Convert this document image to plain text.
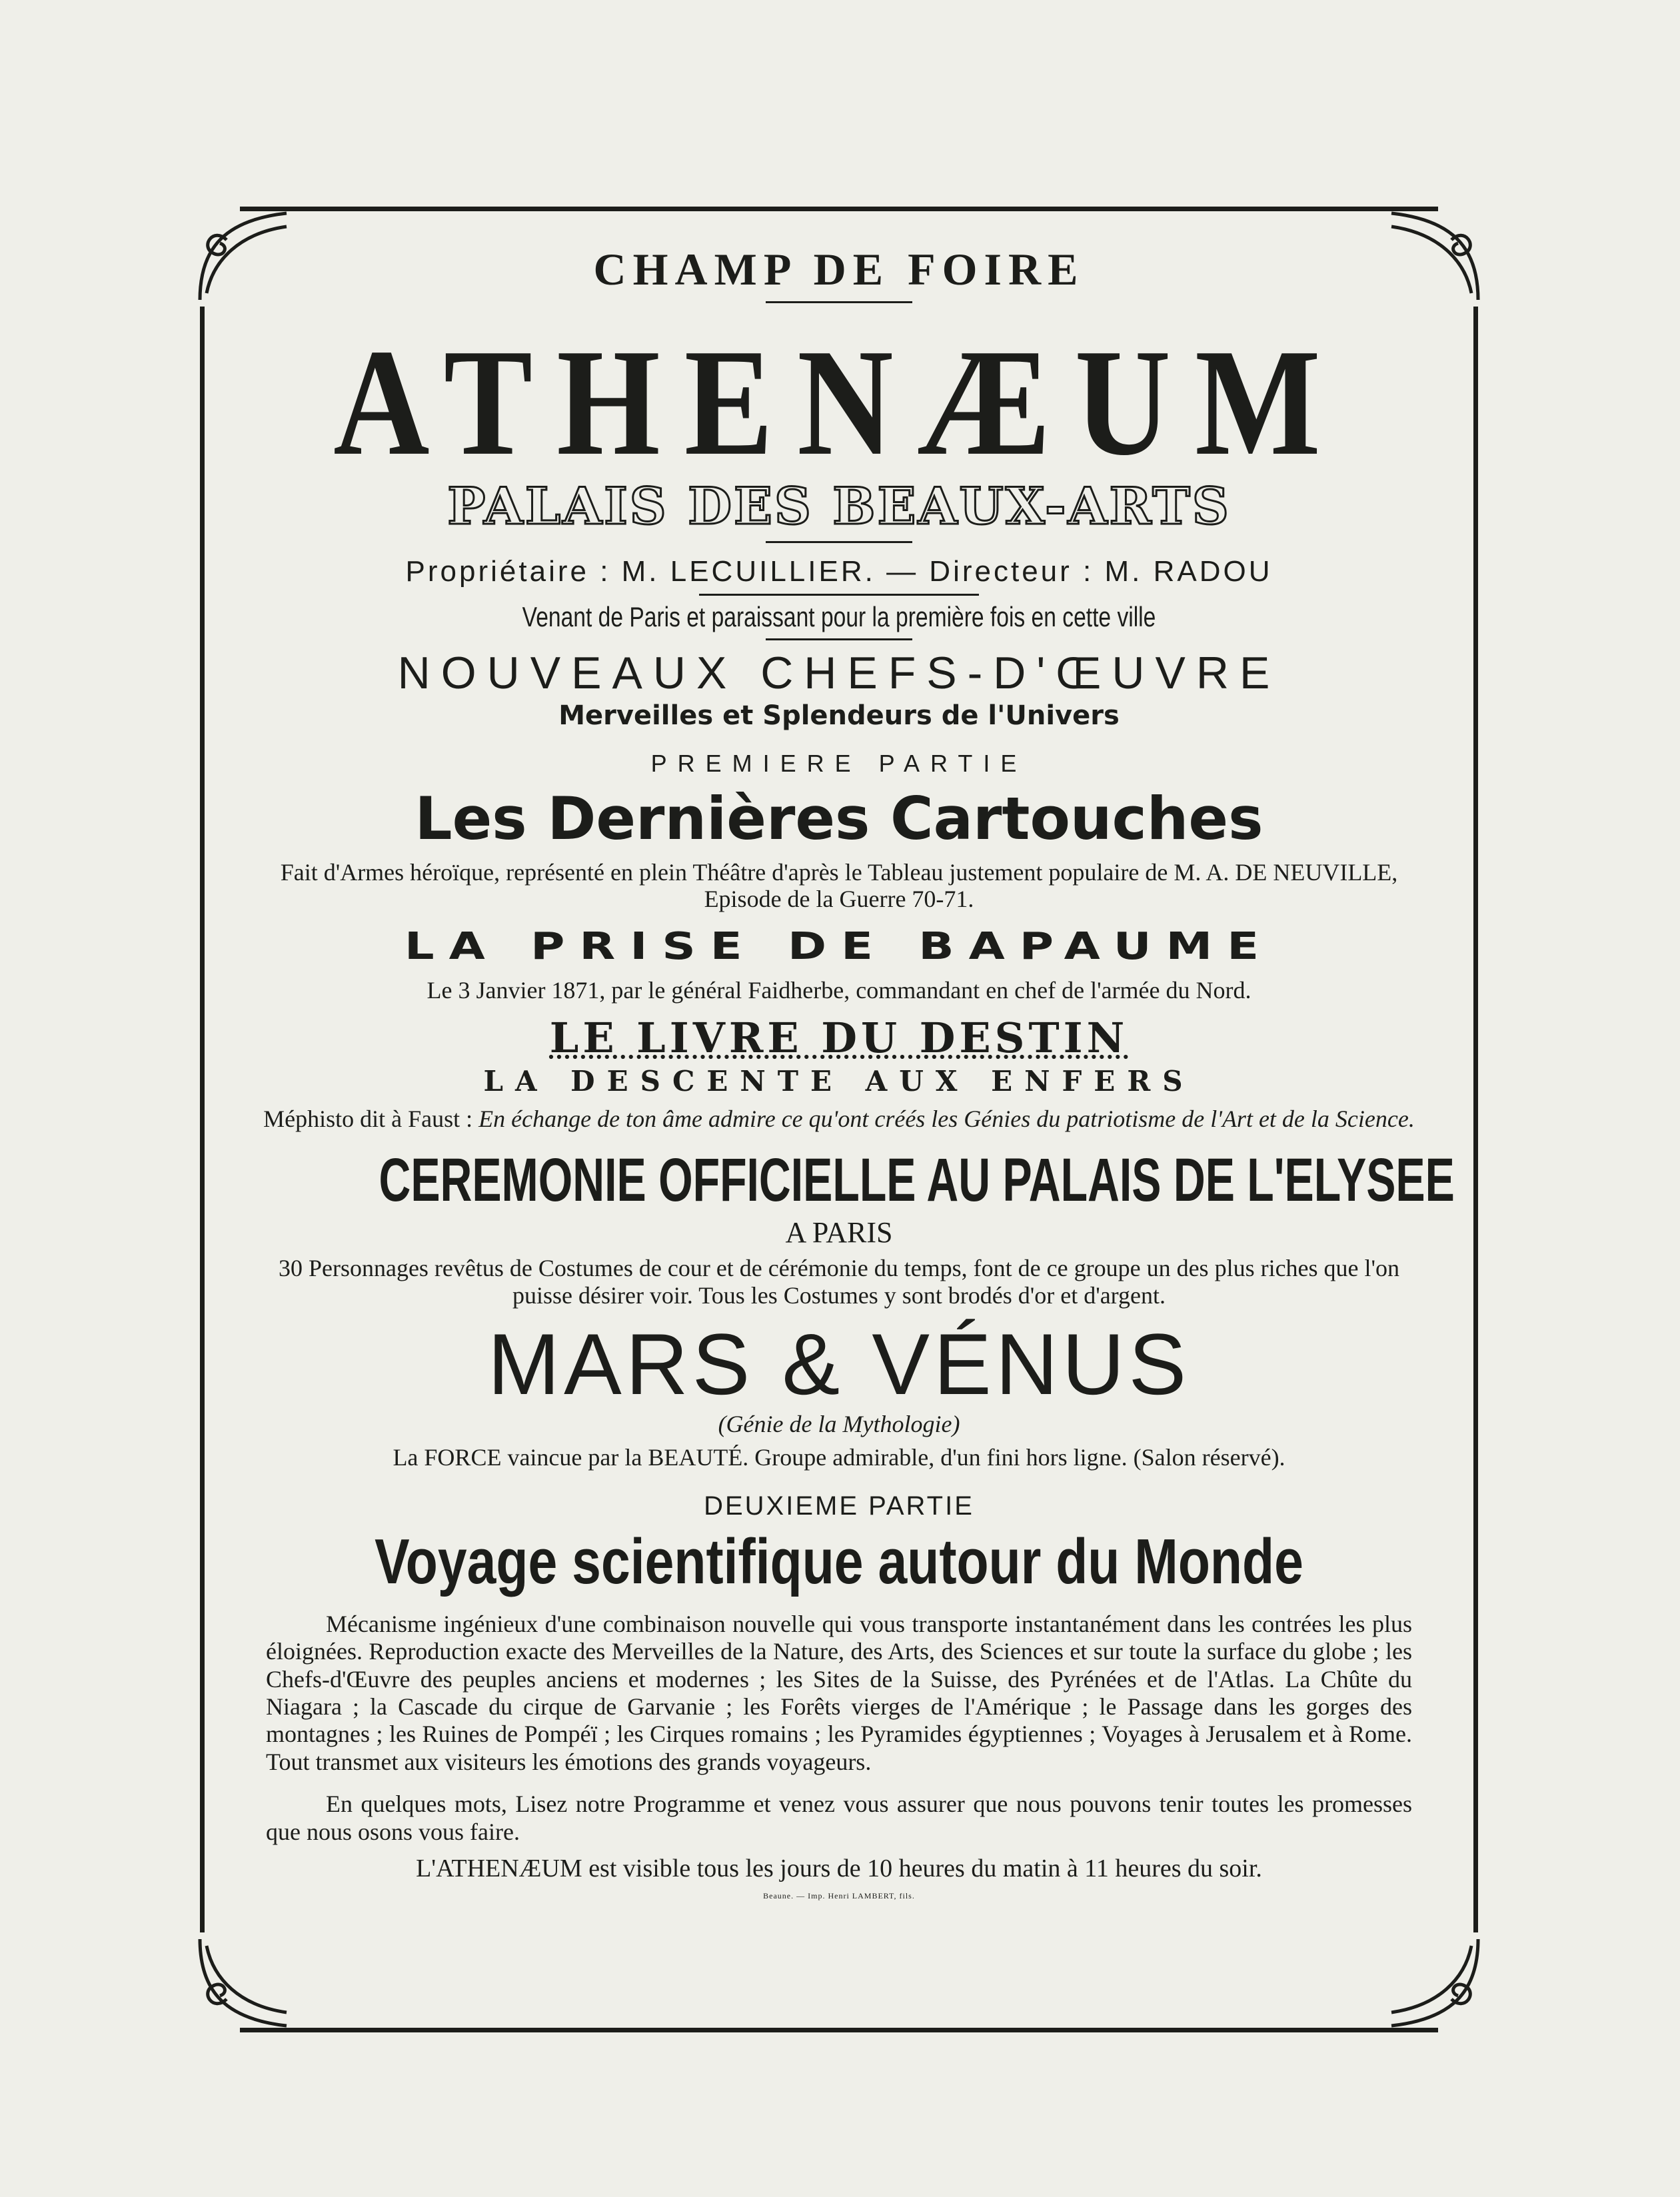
CHAMP DE FOIRE
ATHENÆUM
PALAIS DES BEAUX-ARTS
Propriétaire : M. LECUILLIER. — Directeur : M. RADOU
Venant de Paris et paraissant pour la première fois en cette ville
NOUVEAUX CHEFS-D'ŒUVRE
Merveilles et Splendeurs de l'Univers
PREMIERE PARTIE
Les Dernières Cartouches
Fait d'Armes héroïque, représenté en plein Théâtre d'après le Tableau justement populaire de M. A. DE NEUVILLE, Episode de la Guerre 70-71.
LA PRISE DE BAPAUME
Le 3 Janvier 1871, par le général Faidherbe, commandant en chef de l'armée du Nord.
LE LIVRE DU DESTIN
LA DESCENTE AUX ENFERS
Méphisto dit à Faust : En échange de ton âme admire ce qu'ont créés les Génies du patriotisme de l'Art et de la Science.
CEREMONIE OFFICIELLE AU PALAIS DE L'ELYSEE
A PARIS
30 Personnages revêtus de Costumes de cour et de cérémonie du temps, font de ce groupe un des plus riches que l'on puisse désirer voir. Tous les Costumes y sont brodés d'or et d'argent.
MARS & VÉNUS
(Génie de la Mythologie)
La FORCE vaincue par la BEAUTÉ. Groupe admirable, d'un fini hors ligne. (Salon réservé).
DEUXIEME PARTIE
Voyage scientifique autour du Monde
Mécanisme ingénieux d'une combinaison nouvelle qui vous transporte instantanément dans les contrées les plus éloignées. Reproduction exacte des Merveilles de la Nature, des Arts, des Sciences et sur toute la surface du globe ; les Chefs-d'Œuvre des peuples anciens et modernes ; les Sites de la Suisse, des Pyrénées et de l'Atlas. La Chûte du Niagara ; la Cascade du cirque de Garvanie ; les Forêts vierges de l'Amérique ; le Passage dans les gorges des montagnes ; les Ruines de Pompéï ; les Cirques romains ; les Pyramides égyptiennes ; Voyages à Jerusalem et à Rome. Tout transmet aux visiteurs les émotions des grands voyageurs.
En quelques mots, Lisez notre Programme et venez vous assurer que nous pouvons tenir toutes les promesses que nous osons vous faire.
L'ATHENÆUM est visible tous les jours de 10 heures du matin à 11 heures du soir.
Beaune. — Imp. Henri LAMBERT, fils.
